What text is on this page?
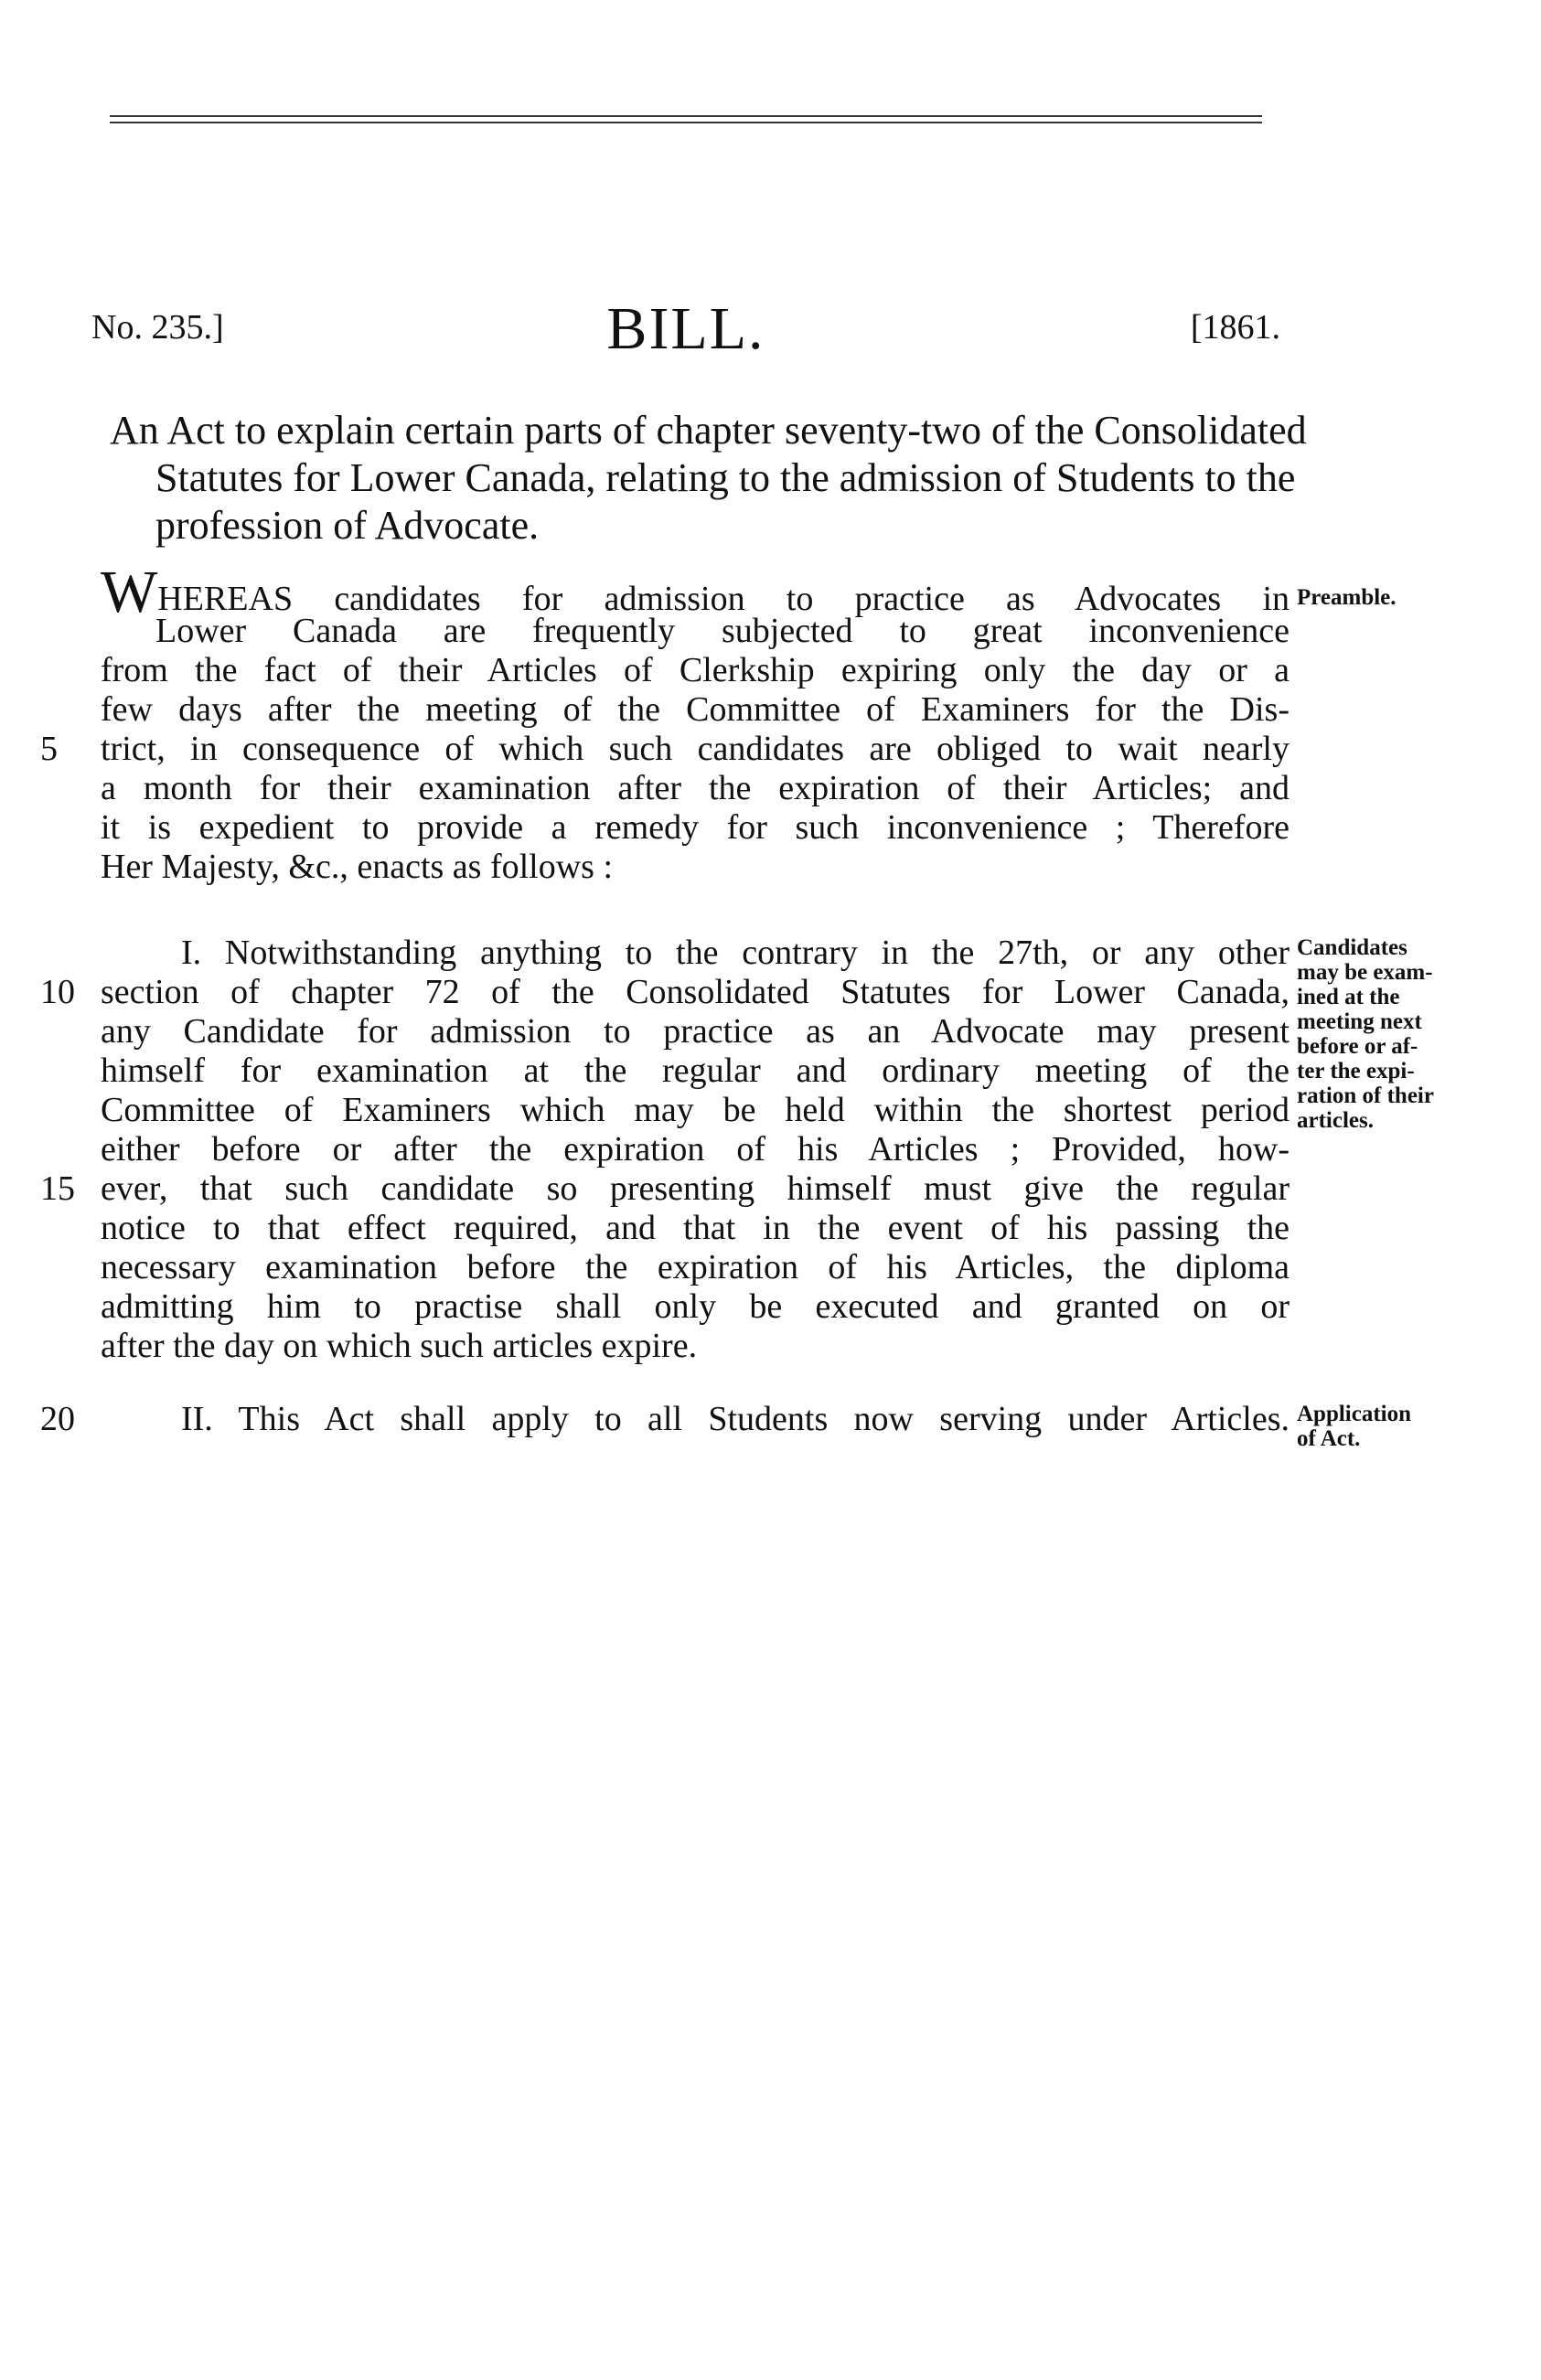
No. 235.]	BILL.	[1861.
An Act to explain certain parts of chapter seventy-two of the Consolidated Statutes for Lower Canada, relating to the admission of Students to the profession of Advocate.
WHEREAS candidates for admission to practice as Advocates in
Lower Canada are frequently subjected to great inconvenience
from the fact of their Articles of Clerkship expiring only the day or a
few days after the meeting of the Committee of Examiners for the Dis-
trict, in consequence of which such candidates are obliged to wait nearly
a month for their examination after the expiration of their Articles; and
it is expedient to provide a remedy for such inconvenience ; Therefore
Her Majesty, &c., enacts as follows :
I. Notwithstanding anything to the contrary in the 27th, or any other
section of chapter 72 of the Consolidated Statutes for Lower Canada,
any Candidate for admission to practice as an Advocate may present
himself for examination at the regular and ordinary meeting of the
Committee of Examiners which may be held within the shortest period
either before or after the expiration of his Articles ; Provided, how-
ever, that such candidate so presenting himself must give the regular
notice to that effect required, and that in the event of his passing the
necessary examination before the expiration of his Articles, the diploma
admitting him to practise shall only be executed and granted on or
after the day on which such articles expire.
II. This Act shall apply to all Students now serving under Articles.
5
10
15
20
Preamble.
Candidates
may be exam-
ined at the
meeting next
before or af-
ter the expi-
ration of their
articles.
Application
of Act.
